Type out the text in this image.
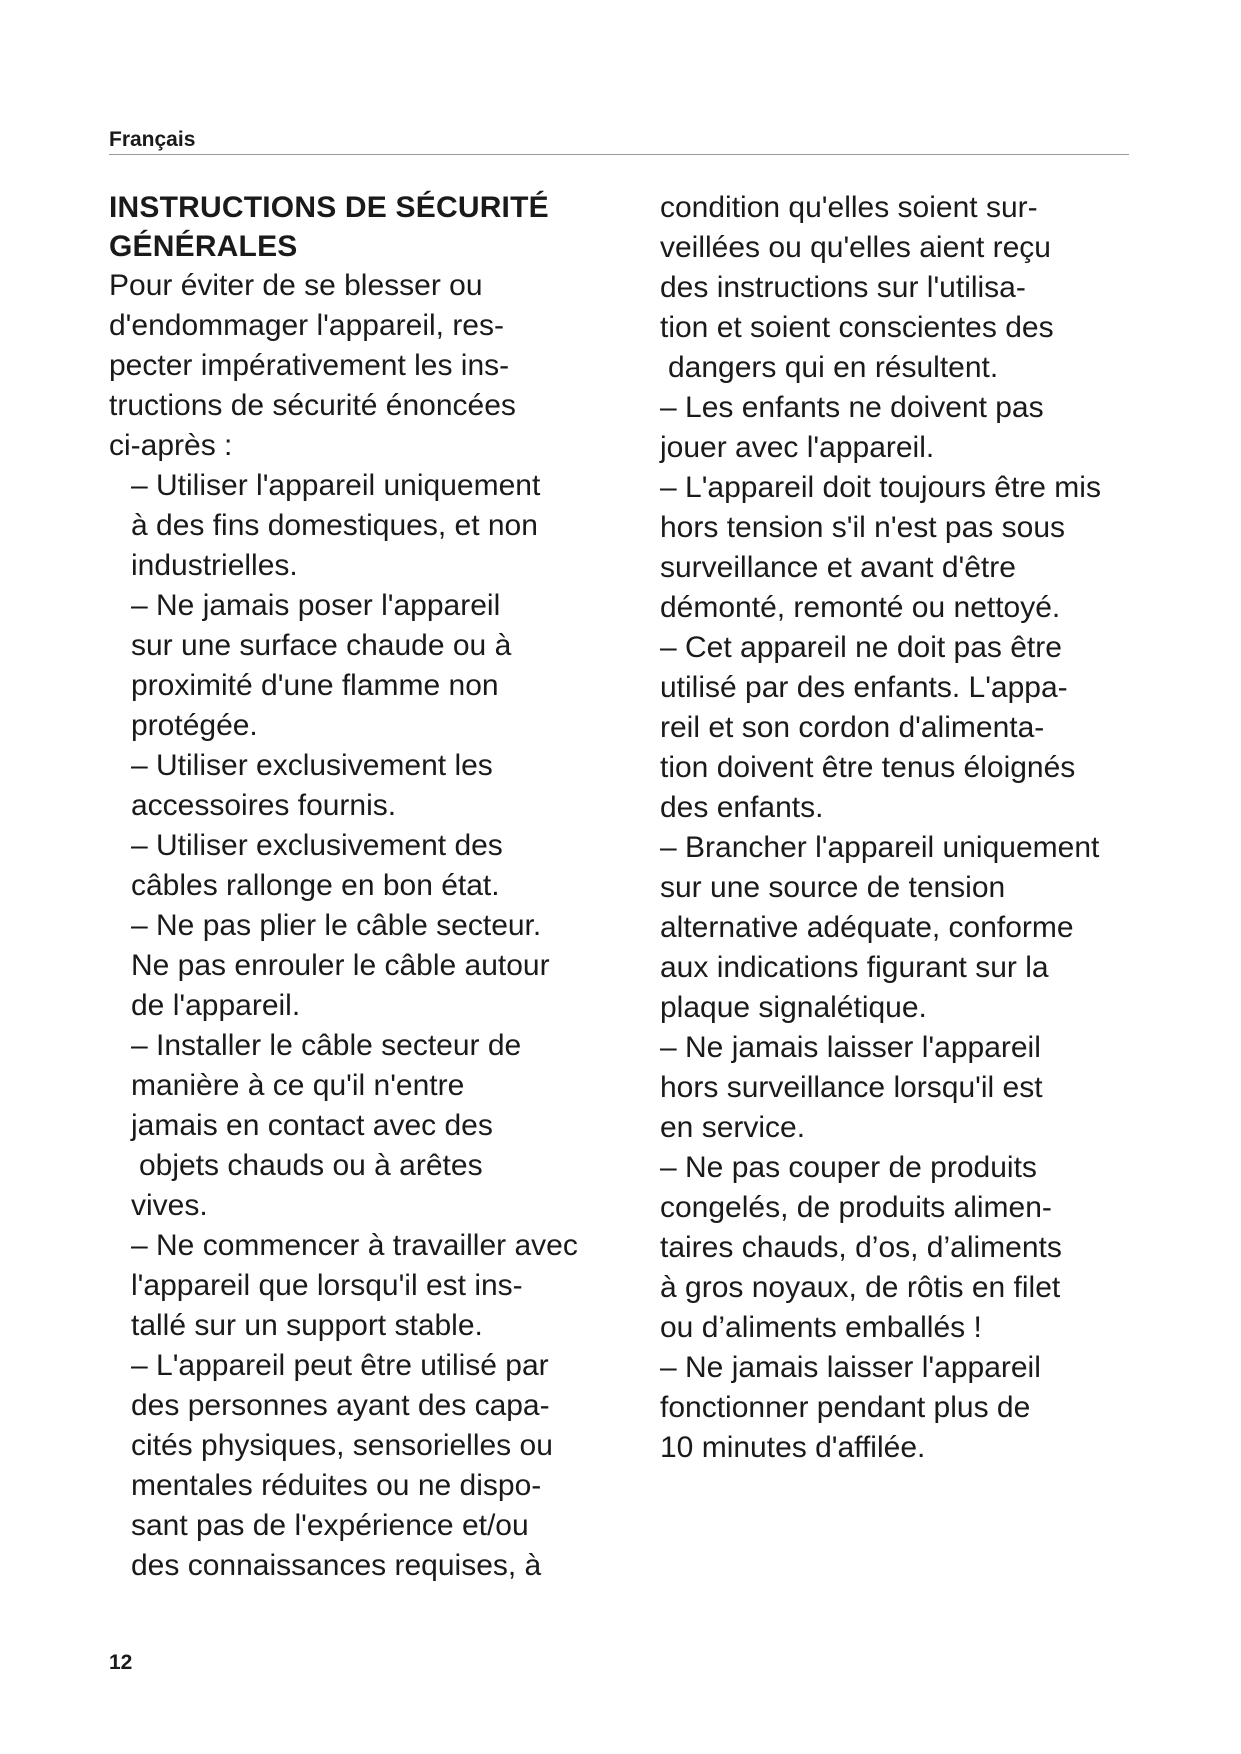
Français
INSTRUCTIONS DE SÉCURITÉ
GÉNÉRALES

Pour éviter de se blesser ou
d'endommager l'appareil, res-
pecter impérativement les ins-
tructions de sécurité énoncées
ci-après :

– Utiliser l'appareil uniquement
à des fins domestiques, et non
industrielles.

– Ne jamais poser l'appareil
sur une surface chaude ou à
proximité d'une flamme non
protégée.

– Utiliser exclusivement les
accessoires fournis.

– Utiliser exclusivement des
câbles rallonge en bon état.

– Ne pas plier le câble secteur.
Ne pas enrouler le câble autour
de l'appareil.

– Installer le câble secteur de
manière à ce qu'il n'entre
jamais en contact avec des
objets chauds ou à arêtes
vives.

– Ne commencer à travailler avec
l'appareil que lorsqu'il est ins-
tallé sur un support stable.

– L'appareil peut être utilisé par
des personnes ayant des capa-
cités physiques, sensorielles ou
mentales réduites ou ne dispo-
sant pas de l'expérience et/ou
des connaissances requises, à

condition qu'elles soient sur-
veillées ou qu'elles aient reçu
des instructions sur l'utilisa-
tion et soient conscientes des
dangers qui en résultent.

– Les enfants ne doivent pas
jouer avec l'appareil.

– L'appareil doit toujours être mis
hors tension s'il n'est pas sous
surveillance et avant d'être
démonté, remonté ou nettoyé.

– Cet appareil ne doit pas être
utilisé par des enfants. L'appa-
reil et son cordon d'alimenta-
tion doivent être tenus éloignés
des enfants.

– Brancher l'appareil uniquement
sur une source de tension
alternative adéquate, conforme
aux indications figurant sur la
plaque signalétique.

– Ne jamais laisser l'appareil
hors surveillance lorsqu'il est
en service.

– Ne pas couper de produits
congelés, de produits alimen-
taires chauds, d’os, d’aliments
à gros noyaux, de rôtis en filet
ou d’aliments emballés !

– Ne jamais laisser l'appareil
fonctionner pendant plus de
10 minutes d'affilée.

12
